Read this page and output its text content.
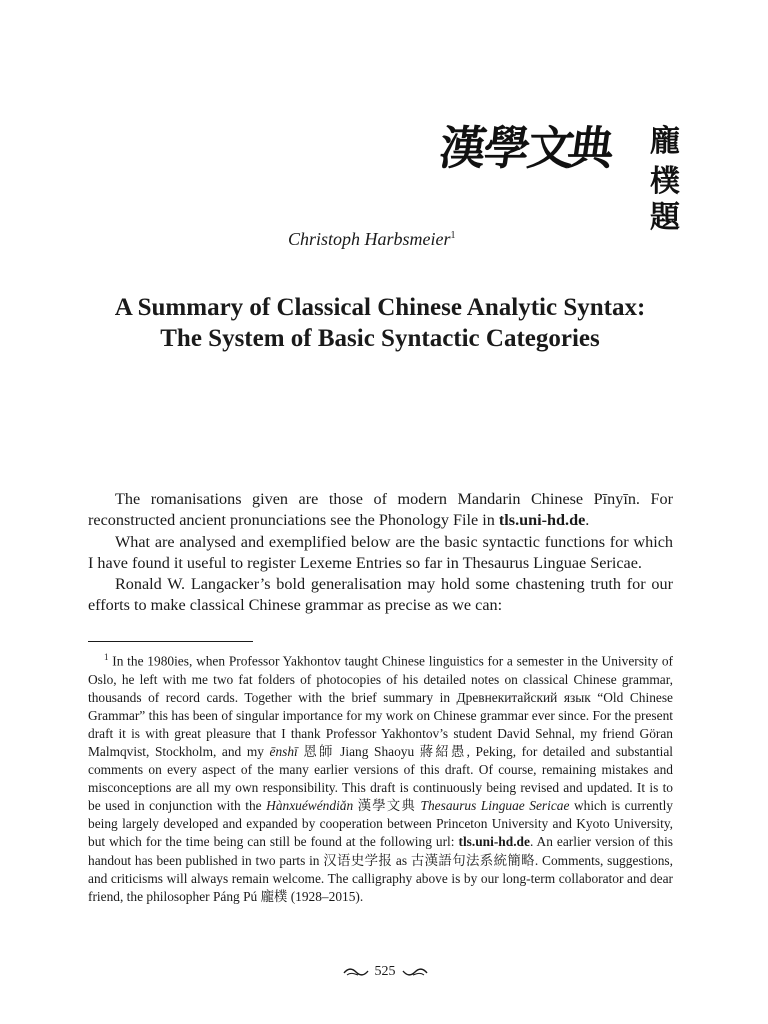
漢
學
文
典 龐
樸
題
Christoph Harbsmeier$^1$
A Summary of Classical Chinese Analytic Syntax: The System of Basic Syntactic Categories

The romanisations given are those of modern Mandarin Chinese Pīnyīn. For reconstructed ancient pronunciations see the Phonology File in tls.uni-hd.de.

What are analysed and exemplified below are the basic syntactic functions for which I have found it useful to register Lexeme Entries so far in Thesaurus Linguae Sericae.

Ronald W. Langacker’s bold generalisation may hold some chastening truth for our efforts to make classical Chinese grammar as precise as we can:

$^1$ In the 1980ies, when Professor Yakhontov taught Chinese linguistics for a semester in the University of Oslo, he left with me two fat folders of photocopies of his detailed notes on classical Chinese grammar, thousands of record cards. Together with the brief summary in Древнекитайский язык “Old Chinese Grammar” this has been of singular importance for my work on Chinese grammar ever since. For the present draft it is with great pleasure that I thank Professor Yakhontov’s student David Sehnal, my friend Göran Malmqvist, Stockholm, and my ēnshī 恩師 Jiang Shaoyu 蔣紹愚, Peking, for detailed and substantial comments on every aspect of the many earlier versions of this draft. Of course, remaining mistakes and misconceptions are all my own responsibility. This draft is continuously being revised and updated. It is to be used in conjunction with the Hànxuéwéndiǎn 漢學文典 Thesaurus Linguae Sericae which is currently being largely developed and expanded by cooperation between Princeton University and Kyoto University, but which for the time being can still be found at the following url: tls.uni-hd.de. An earlier version of this handout has been published in two parts in 汉语史学报 as 古漢語句法系統簡略. Comments, suggestions, and criticisms will always remain welcome. The calligraphy above is by our long-term collaborator and dear friend, the philosopher Páng Pú 龐樸 (1928–2015).

525
